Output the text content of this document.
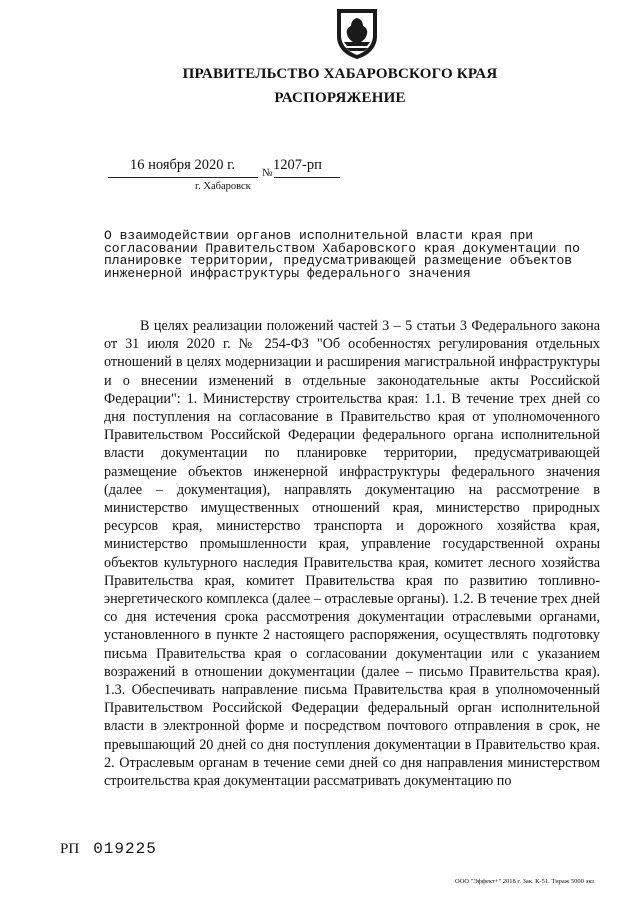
ПРАВИТЕЛЬСТВО ХАБАРОВСКОГО КРАЯ
РАСПОРЯЖЕНИЕ
16 ноября 2020 г. № 1207-рп
г. Хабаровск
О взаимодействии органов исполнительной власти края при согласовании Правительством Хабаровского края документации по планировке территории, предусматривающей размещение объектов инженерной инфраструктуры федерального значения
В целях реализации положений частей 3 – 5 статьи 3 Федерального закона от 31 июля 2020 г. № 254-ФЗ "Об особенностях регулирования отдельных отношений в целях модернизации и расширения магистральной инфраструктуры и о внесении изменений в отдельные законодательные акты Российской Федерации": 1. Министерству строительства края: 1.1. В течение трех дней со дня поступления на согласование в Правительство края от уполномоченного Правительством Российской Федерации федерального органа исполнительной власти документации по планировке территории, предусматривающей размещение объектов инженерной инфраструктуры федерального значения (далее – документация), направлять документацию на рассмотрение в министерство имущественных отношений края, министерство природных ресурсов края, министерство транспорта и дорожного хозяйства края, министерство промышленности края, управление государственной охраны объектов культурного наследия Правительства края, комитет лесного хозяйства Правительства края, комитет Правительства края по развитию топливно-энергетического комплекса (далее – отраслевые органы). 1.2. В течение трех дней со дня истечения срока рассмотрения документации отраслевыми органами, установленного в пункте 2 настоящего распоряжения, осуществлять подготовку письма Правительства края о согласовании документации или с указанием возражений в отношении документации (далее – письмо Правительства края). 1.3. Обеспечивать направление письма Правительства края в уполномоченный Правительством Российской Федерации федеральный орган исполнительной власти в электронной форме и посредством почтового отправления в срок, не превышающий 20 дней со дня поступления документации в Правительство края. 2. Отраслевым органам в течение семи дней со дня направления министерством строительства края документации рассматривать документацию по
РП 019225
ООО "Эффект+" 2018 г. Зак. К-51. Тираж 5000 экз
